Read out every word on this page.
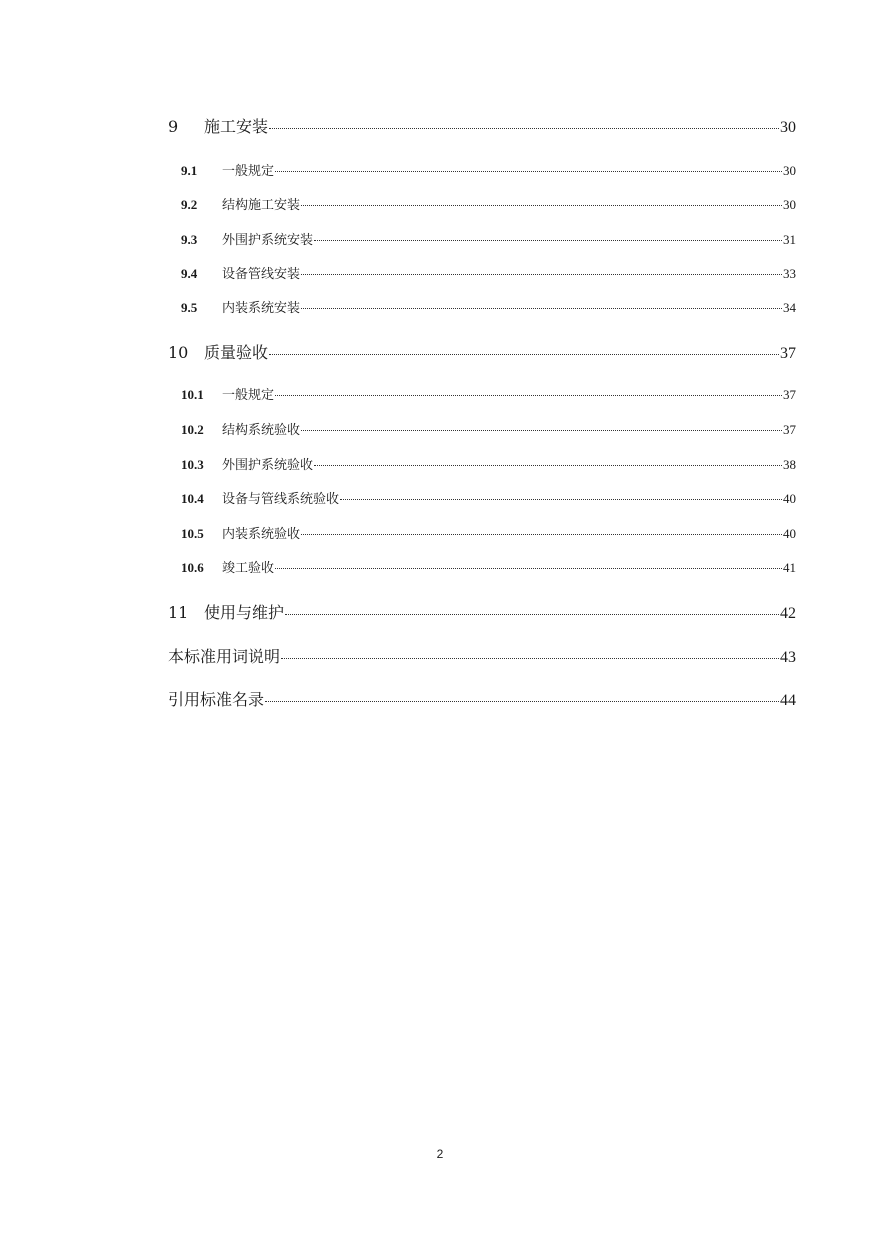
9	施工安装	30
9.1	一般规定	30
9.2	结构施工安装	30
9.3	外围护系统安装	31
9.4	设备管线安装	33
9.5	内装系统安装	34
10 质量验收	37
10.1	一般规定	37
10.2	结构系统验收	37
10.3	外围护系统验收	38
10.4	设备与管线系统验收	40
10.5	内装系统验收	40
10.6	竣工验收	41
11 使用与维护	42
本标准用词说明	43
引用标准名录	44
2
